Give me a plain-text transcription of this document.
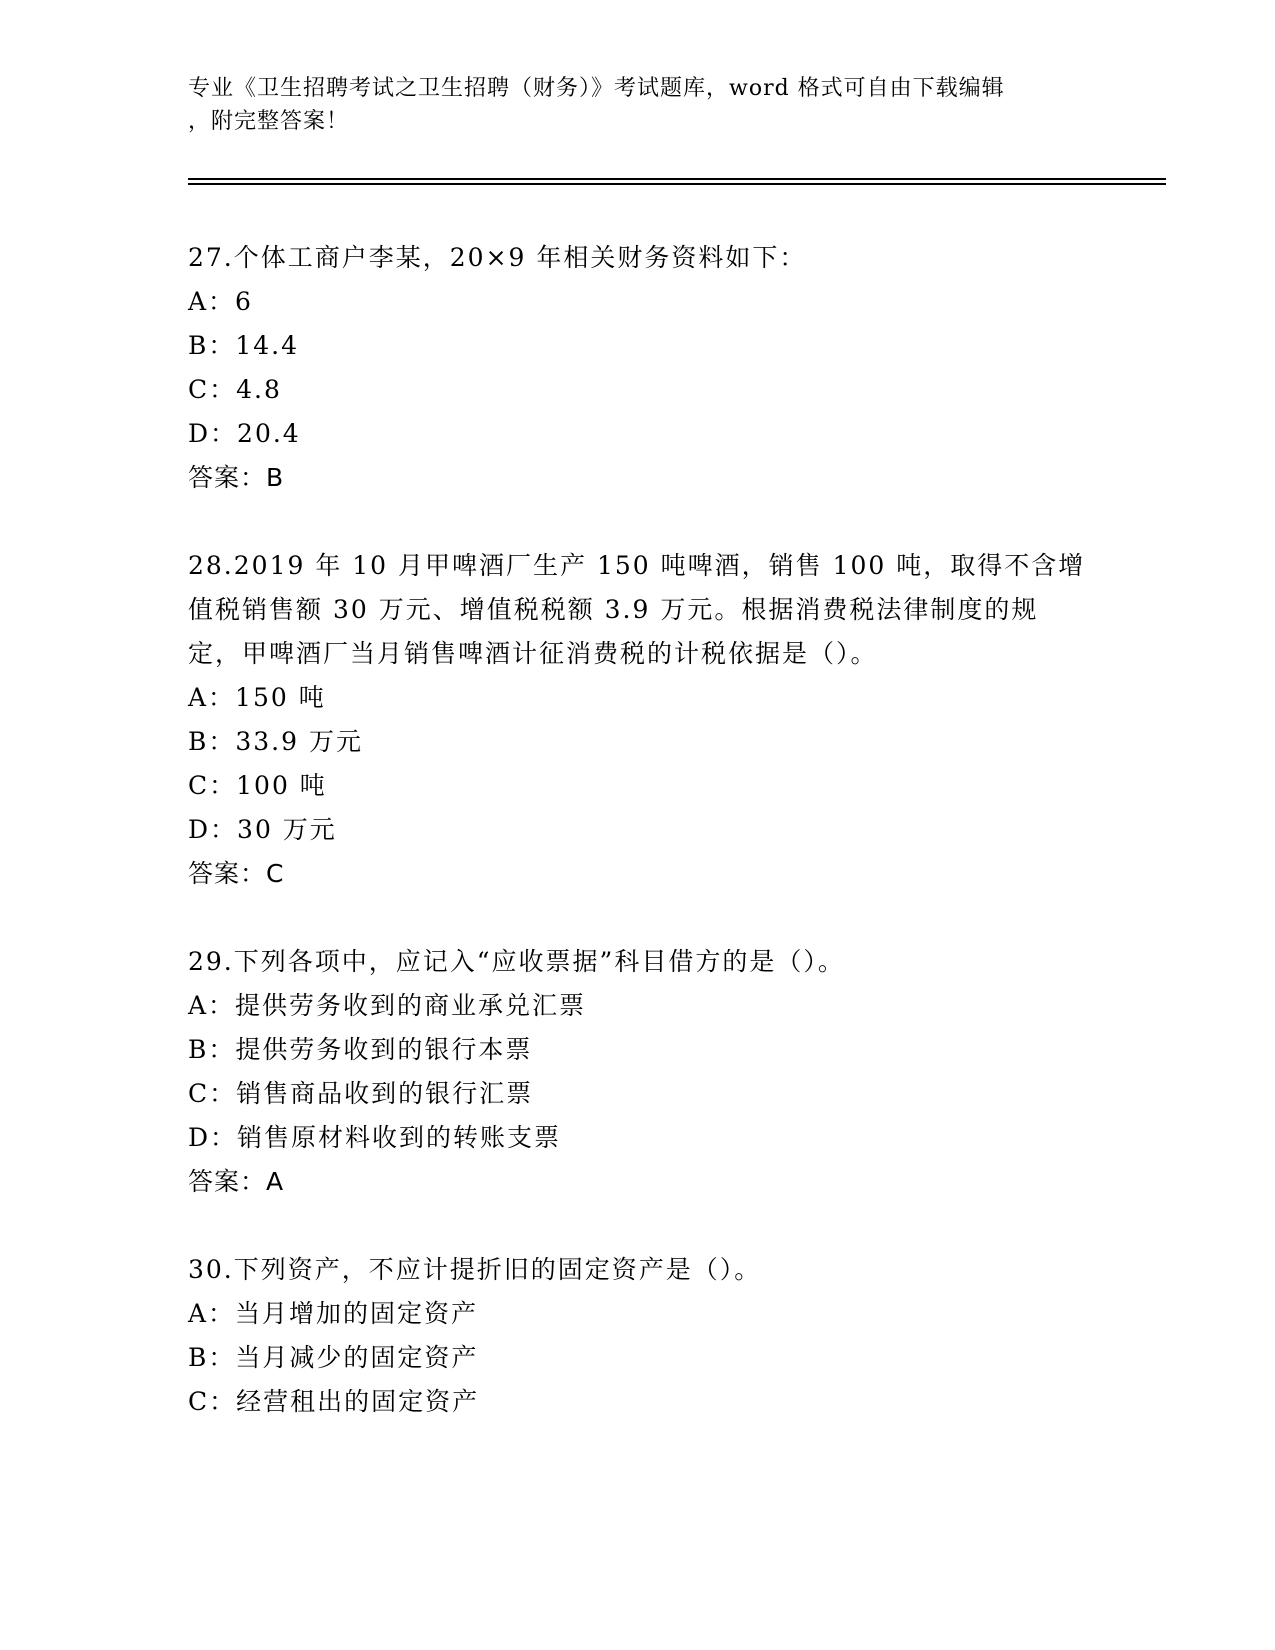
专业《卫生招聘考试之卫生招聘（财务）》考试题库，word 格式可自由下载编辑
，附完整答案！
27.个体工商户李某，20×9 年相关财务资料如下：
A：6
B：14.4
C：4.8
D：20.4
答案：B
28.2019 年 10 月甲啤酒厂生产 150 吨啤酒，销售 100 吨，取得不含增
值税销售额 30 万元、增值税税额 3.9 万元。根据消费税法律制度的规
定，甲啤酒厂当月销售啤酒计征消费税的计税依据是（）。
A：150 吨
B：33.9 万元
C：100 吨
D：30 万元
答案：C
29.下列各项中，应记入“应收票据”科目借方的是（）。
A：提供劳务收到的商业承兑汇票
B：提供劳务收到的银行本票
C：销售商品收到的银行汇票
D：销售原材料收到的转账支票
答案：A
30.下列资产，不应计提折旧的固定资产是（）。
A：当月增加的固定资产
B：当月减少的固定资产
C：经营租出的固定资产
